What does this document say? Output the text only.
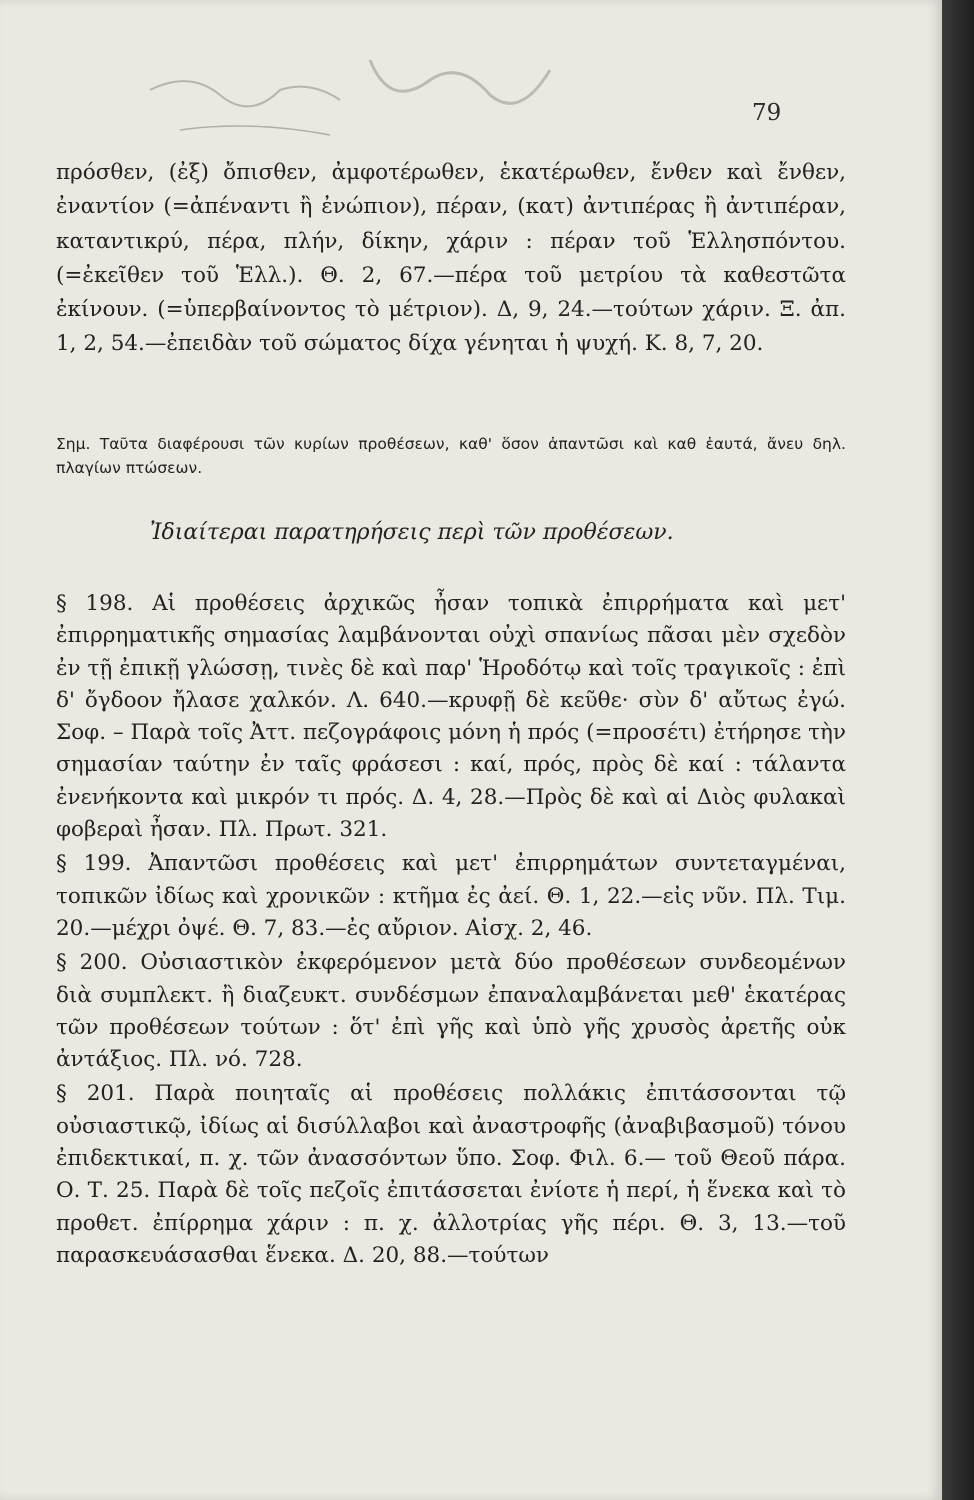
79

πρόσθεν, (ἐξ) ὄπισθεν, ἀμφοτέρωθεν, ἑκατέρωθεν, ἔνθεν καὶ ἔνθεν, ἐναντίον (=ἀπέναντι ἢ ἐνώπιον), πέραν, (κατ) ἀντιπέρας ἢ ἀντιπέραν, καταντικρύ, πέρα, πλήν, δίκην, χάριν : πέραν τοῦ Ἑλλησπόντου. (=ἐκεῖθεν τοῦ Ἑλλ.). Θ. 2, 67.—πέρα τοῦ μετρίου τὰ καθεστῶτα ἐκίνουν. (=ὑπερβαίνοντος τὸ μέτριον). Δ, 9, 24.—τούτων χάριν. Ξ. ἀπ. 1, 2, 54.—ἐπειδὰν τοῦ σώματος δίχα γένηται ἡ ψυχή. Κ. 8, 7, 20.

Σημ. Ταῦτα διαφέρουσι τῶν κυρίων προθέσεων, καθ' ὅσον ἀπαντῶσι καὶ καθ ἑαυτά, ἄνευ δηλ. πλαγίων πτώσεων.
Ἰδιαίτεραι παρατηρήσεις περὶ τῶν προθέσεων.

§ 198. Αἱ προθέσεις ἀρχικῶς ἦσαν τοπικὰ ἐπιρρήματα καὶ μετ' ἐπιρρηματικῆς σημασίας λαμβάνονται οὐχὶ σπανίως πᾶσαι μὲν σχεδὸν ἐν τῇ ἐπικῇ γλώσσῃ, τινὲς δὲ καὶ παρ' Ἡροδότῳ καὶ τοῖς τραγικοῖς : ἐπὶ δ' ὄγδοον ἤλασε χαλκόν. Λ. 640.—κρυφῇ δὲ κεῦθε· σὺν δ' αὔτως ἐγώ. Σοφ. – Παρὰ τοῖς Ἀττ. πεζογράφοις μόνη ἡ πρός (=προσέτι) ἐτήρησε τὴν σημασίαν ταύτην ἐν ταῖς φράσεσι : καί, πρός, πρὸς δὲ καί : τάλαντα ἐνενήκοντα καὶ μικρόν τι πρός. Δ. 4, 28.—Πρὸς δὲ καὶ αἱ Διὸς φυλακαὶ φοβεραὶ ἦσαν. Πλ. Πρωτ. 321.

§ 199. Ἀπαντῶσι προθέσεις καὶ μετ' ἐπιρρημάτων συντεταγμέναι, τοπικῶν ἰδίως καὶ χρονικῶν : κτῆμα ἐς ἀεί. Θ. 1, 22.—εἰς νῦν. Πλ. Τιμ. 20.—μέχρι ὀψέ. Θ. 7, 83.—ἐς αὔριον. Αἰσχ. 2, 46.

§ 200. Οὐσιαστικὸν ἐκφερόμενον μετὰ δύο προθέσεων συνδεομένων διὰ συμπλεκτ. ἢ διαζευκτ. συνδέσμων ἐπαναλαμβάνεται μεθ' ἑκατέρας τῶν προθέσεων τούτων : ὅτ' ἐπὶ γῆς καὶ ὑπὸ γῆς χρυσὸς ἀρετῆς οὐκ ἀντάξιος. Πλ. νό. 728.

§ 201. Παρὰ ποιηταῖς αἱ προθέσεις πολλάκις ἐπιτάσσονται τῷ οὐσιαστικῷ, ἰδίως αἱ δισύλλαβοι καὶ ἀναστροφῆς (ἀναβιβασμοῦ) τόνου ἐπιδεκτικαί, π. χ. τῶν ἀνασσόντων ὕπο. Σοφ. Φιλ. 6.— τοῦ Θεοῦ πάρα. Ο. Τ. 25. Παρὰ δὲ τοῖς πεζοῖς ἐπιτάσσεται ἐνίοτε ἡ περί, ἡ ἕνεκα καὶ τὸ προθετ. ἐπίρρημα χάριν : π. χ. ἀλλοτρίας γῆς πέρι. Θ. 3, 13.—τοῦ παρασκευάσασθαι ἕνεκα. Δ. 20, 88.—τούτων
